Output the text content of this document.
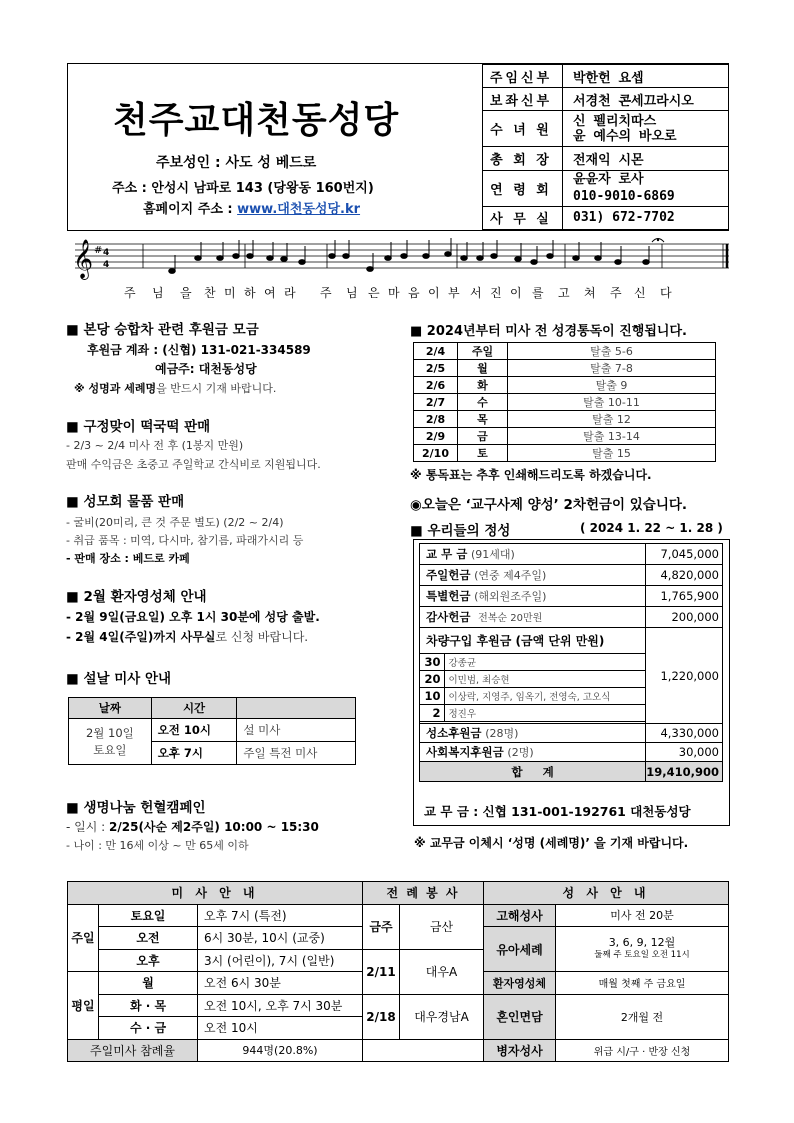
천주교대천동성당
주보성인 : 사도 성 베드로
주소 : 안성시 남파로 143 (당왕동 160번지)
홈페이지 주소 : www.대천동성당.kr
주임신부	박한헌 요셉
보좌신부	서경천 콘세끄라시오
수 녀 원	신 펠리치따스
윤 예수의 바오로

총 회 장	전재익 시몬
연 령 회	윤윤자 로사
010-9010-6869

사 무 실	031) 672-7702
𝄞 # 4
4
주 님 을 찬 미 하 여 라 주 님 은 마 음 이 부 서 진 이 를 고 쳐 주 신 다
■ 본당 승합차 관련 후원금 모금
후원금 계좌 : (신협) 131-021-334589
예금주: 대천동성당
※ 성명과 세례명을 반드시 기재 바랍니다.
■ 구정맞이 떡국떡 판매
- 2/3 ~ 2/4 미사 전 후 (1봉지 만원)
판매 수익금은 초중고 주일학교 간식비로 지원됩니다.
■ 성모회 물품 판매
- 굴비(20미리, 큰 것 주문 별도) (2/2 ~ 2/4)
- 취급 품목 : 미역, 다시마, 참기름, 파래가시리 등
- 판매 장소 : 베드로 카페
■ 2월 환자영성체 안내
- 2월 9일(금요일) 오후 1시 30분에 성당 출발.
- 2월 4일(주일)까지 사무실로 신청 바랍니다.
■ 설날 미사 안내
날짜	시간	

2월 10일
토요일	오전 10시	설 미사
	오후 7시	주일 특전 미사
■ 생명나눔 헌혈캠페인
- 일시 : 2/25(사순 제2주일) 10:00 ~ 15:30
- 나이 : 만 16세 이상 ~ 만 65세 이하
■ 2024년부터 미사 전 성경통독이 진행됩니다.
2/4	주일	탈출 5-6
2/5	월	탈출 7-8
2/6	화	탈출 9
2/7	수	탈출 10-11
2/8	목	탈출 12
2/9	금	탈출 13-14
2/10	토	탈출 15
※ 통독표는 추후 인쇄해드리도록 하겠습니다.
◉오늘은 ‘교구사제 양성’ 2차헌금이 있습니다.
■ 우리들의 정성	( 2024 1. 22 ~ 1. 28 )
교 무 금 (91세대)	7,045,000
주일헌금 (연중 제4주일)	4,820,000
특별헌금 (해외원조주일)	1,765,900
감사헌금 전복순 20만원	200,000

차량구입 후원금 (금액 단위 만원)
30	강종균
20	이민범, 최승현
10	이상락, 지영주, 임옥기, 전영숙, 고오식
2	정진우
	1,220,000
성소후원금 (28명)	4,330,000
사회복지후원금 (2명)	30,000
합     계	19,410,900
교 무 금 : 신협 131-001-192761 대천동성당
※ 교무금 이체시 ‘성명 (세례명)’ 을 기재 바랍니다.
미 사 안 내			전 례 봉 사		성 사 안 내	
주일	토요일	오후 7시 (특전)	금주	금산	고해성사	미사 전 20분
	오전	6시 30분, 10시 (교중)			유아세례	3, 6, 9, 12월
둘째 주 토요일 오전 11시

	오후	3시 (어린이), 7시 (일반)	2/11	대우A		
평일	월	오전 6시 30분			환자영성체	매월 첫째 주 금요일
	화 · 목	오전 10시, 오후 7시 30분	2/18	대우경남A	혼인면담	2개월 전
	수 · 금	오전 10시				
주일미사 참례율		944명(20.8%)			병자성사	위급 시/구 · 반장 신청
